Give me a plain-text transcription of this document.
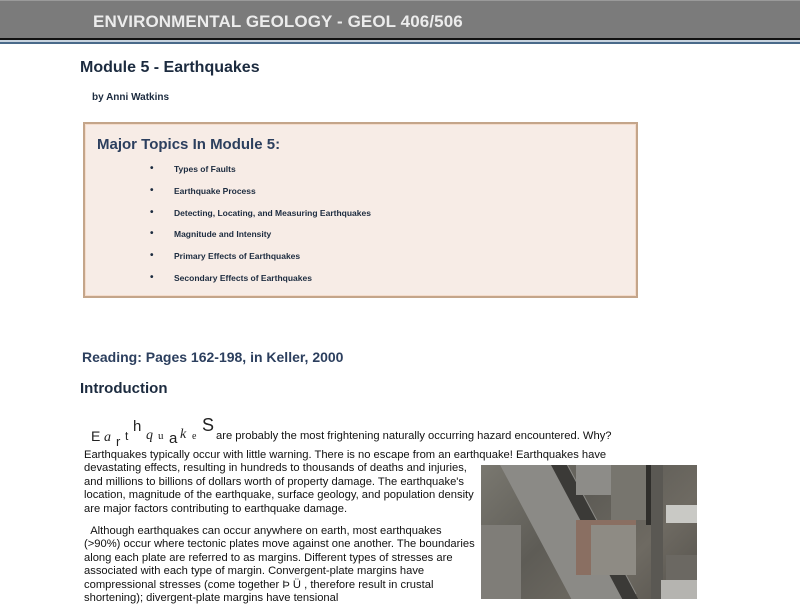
ENVIRONMENTAL GEOLOGY - GEOL 406/506
Module 5 - Earthquakes
by Anni Watkins
Major Topics In Module 5:
• Types of Faults
• Earthquake Process
• Detecting, Locating, and Measuring Earthquakes
• Magnitude and Intensity
• Primary Effects of Earthquakes
• Secondary Effects of Earthquakes
Reading: Pages 162-198, in Keller, 2000
Introduction
E a r t
h
q u a k e
S
are probably the most frightening naturally occurring hazard encountered. Why?
Earthquakes typically occur with little warning. There is no escape from an earthquake! Earthquakes have
devastating effects, resulting in hundreds to thousands of deaths and injuries, and millions to billions of dollars worth of property damage. The earthquake's location, magnitude of the earthquake, surface geology, and population density are major factors contributing to earthquake damage.
Although earthquakes can occur anywhere on earth, most earthquakes (>90%) occur where tectonic plates move against one another. The boundaries along each plate are referred to as margins. Different types of stresses are associated with each type of margin. Convergent-plate margins have compressional stresses (come together Þ Ü , therefore result in crustal shortening); divergent-plate margins have tensional
